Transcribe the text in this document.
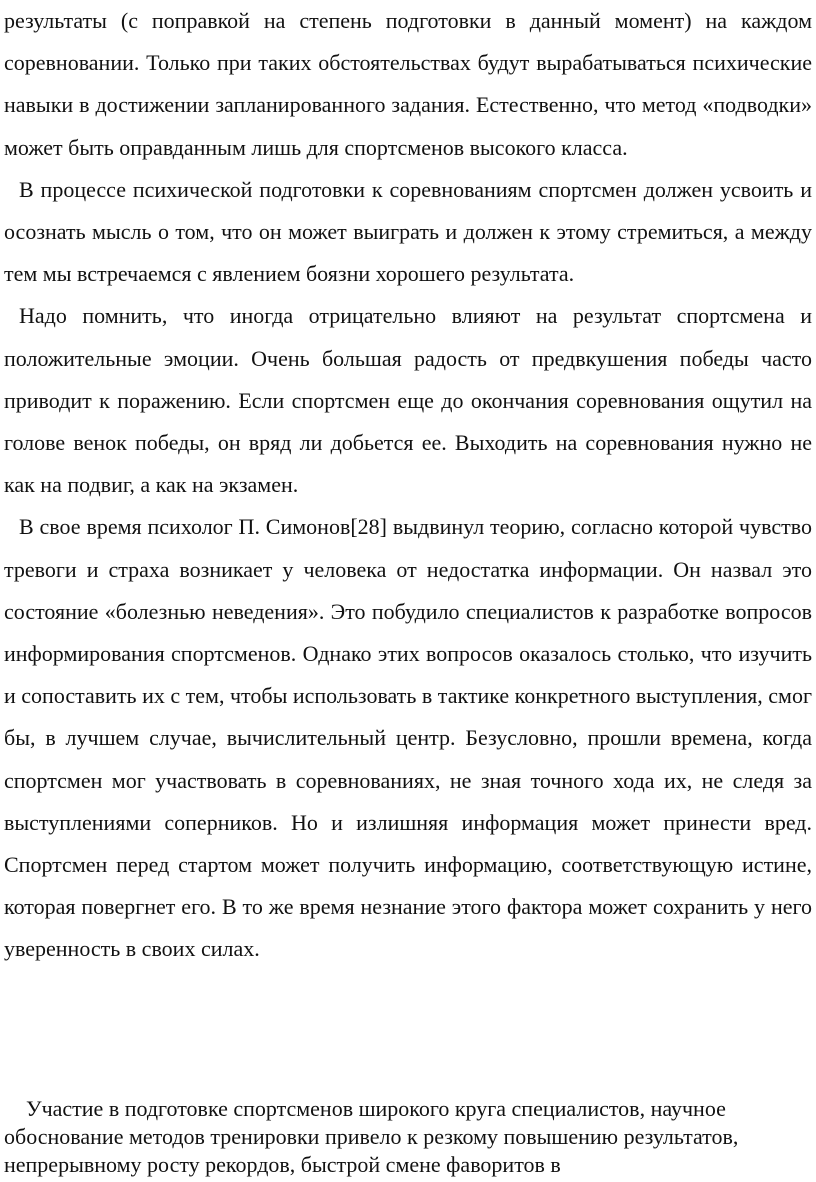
результаты (с поправкой на степень подготовки в данный момент) на каждом соревновании. Только при таких обстоятельствах будут вырабатываться психические навыки в достижении запланированного задания. Естественно, что метод «подводки» может быть оправданным лишь для спортсменов высокого класса.

В процессе психической подготовки к соревнованиям спортсмен должен усвоить и осознать мысль о том, что он может выиграть и должен к этому стремиться, а между тем мы встречаемся с явлением боязни хорошего результата.

Надо помнить, что иногда отрицательно влияют на результат спортсмена и положительные эмоции. Очень большая радость от предвкушения победы часто приводит к поражению. Если спортсмен еще до окончания соревнования ощутил на голове венок победы, он вряд ли добьется ее. Выходить на соревнования нужно не как на подвиг, а как на экзамен.

В свое время психолог П. Симонов[28] выдвинул теорию, согласно которой чувство тревоги и страха возникает у человека от недостатка информации. Он назвал это состояние «болезнью неведения». Это побудило специалистов к разработке вопросов информирования спортсменов. Однако этих вопросов оказалось столько, что изучить и сопоставить их с тем, чтобы использовать в тактике конкретного выступления, смог бы, в лучшем случае, вычислительный центр. Безусловно, прошли времена, когда спортсмен мог участвовать в соревнованиях, не зная точного хода их, не следя за выступлениями соперников. Но и излишняя информация может принести вред. Спортсмен перед стартом может получить информацию, соответствующую истине, которая повергнет его. В то же время незнание этого фактора может сохранить у него уверенность в своих силах.

Участие в подготовке спортсменов широкого круга специалистов, научное обоснование методов тренировки привело к резкому повышению результатов, непрерывному росту рекордов, быстрой смене фаворитов в
